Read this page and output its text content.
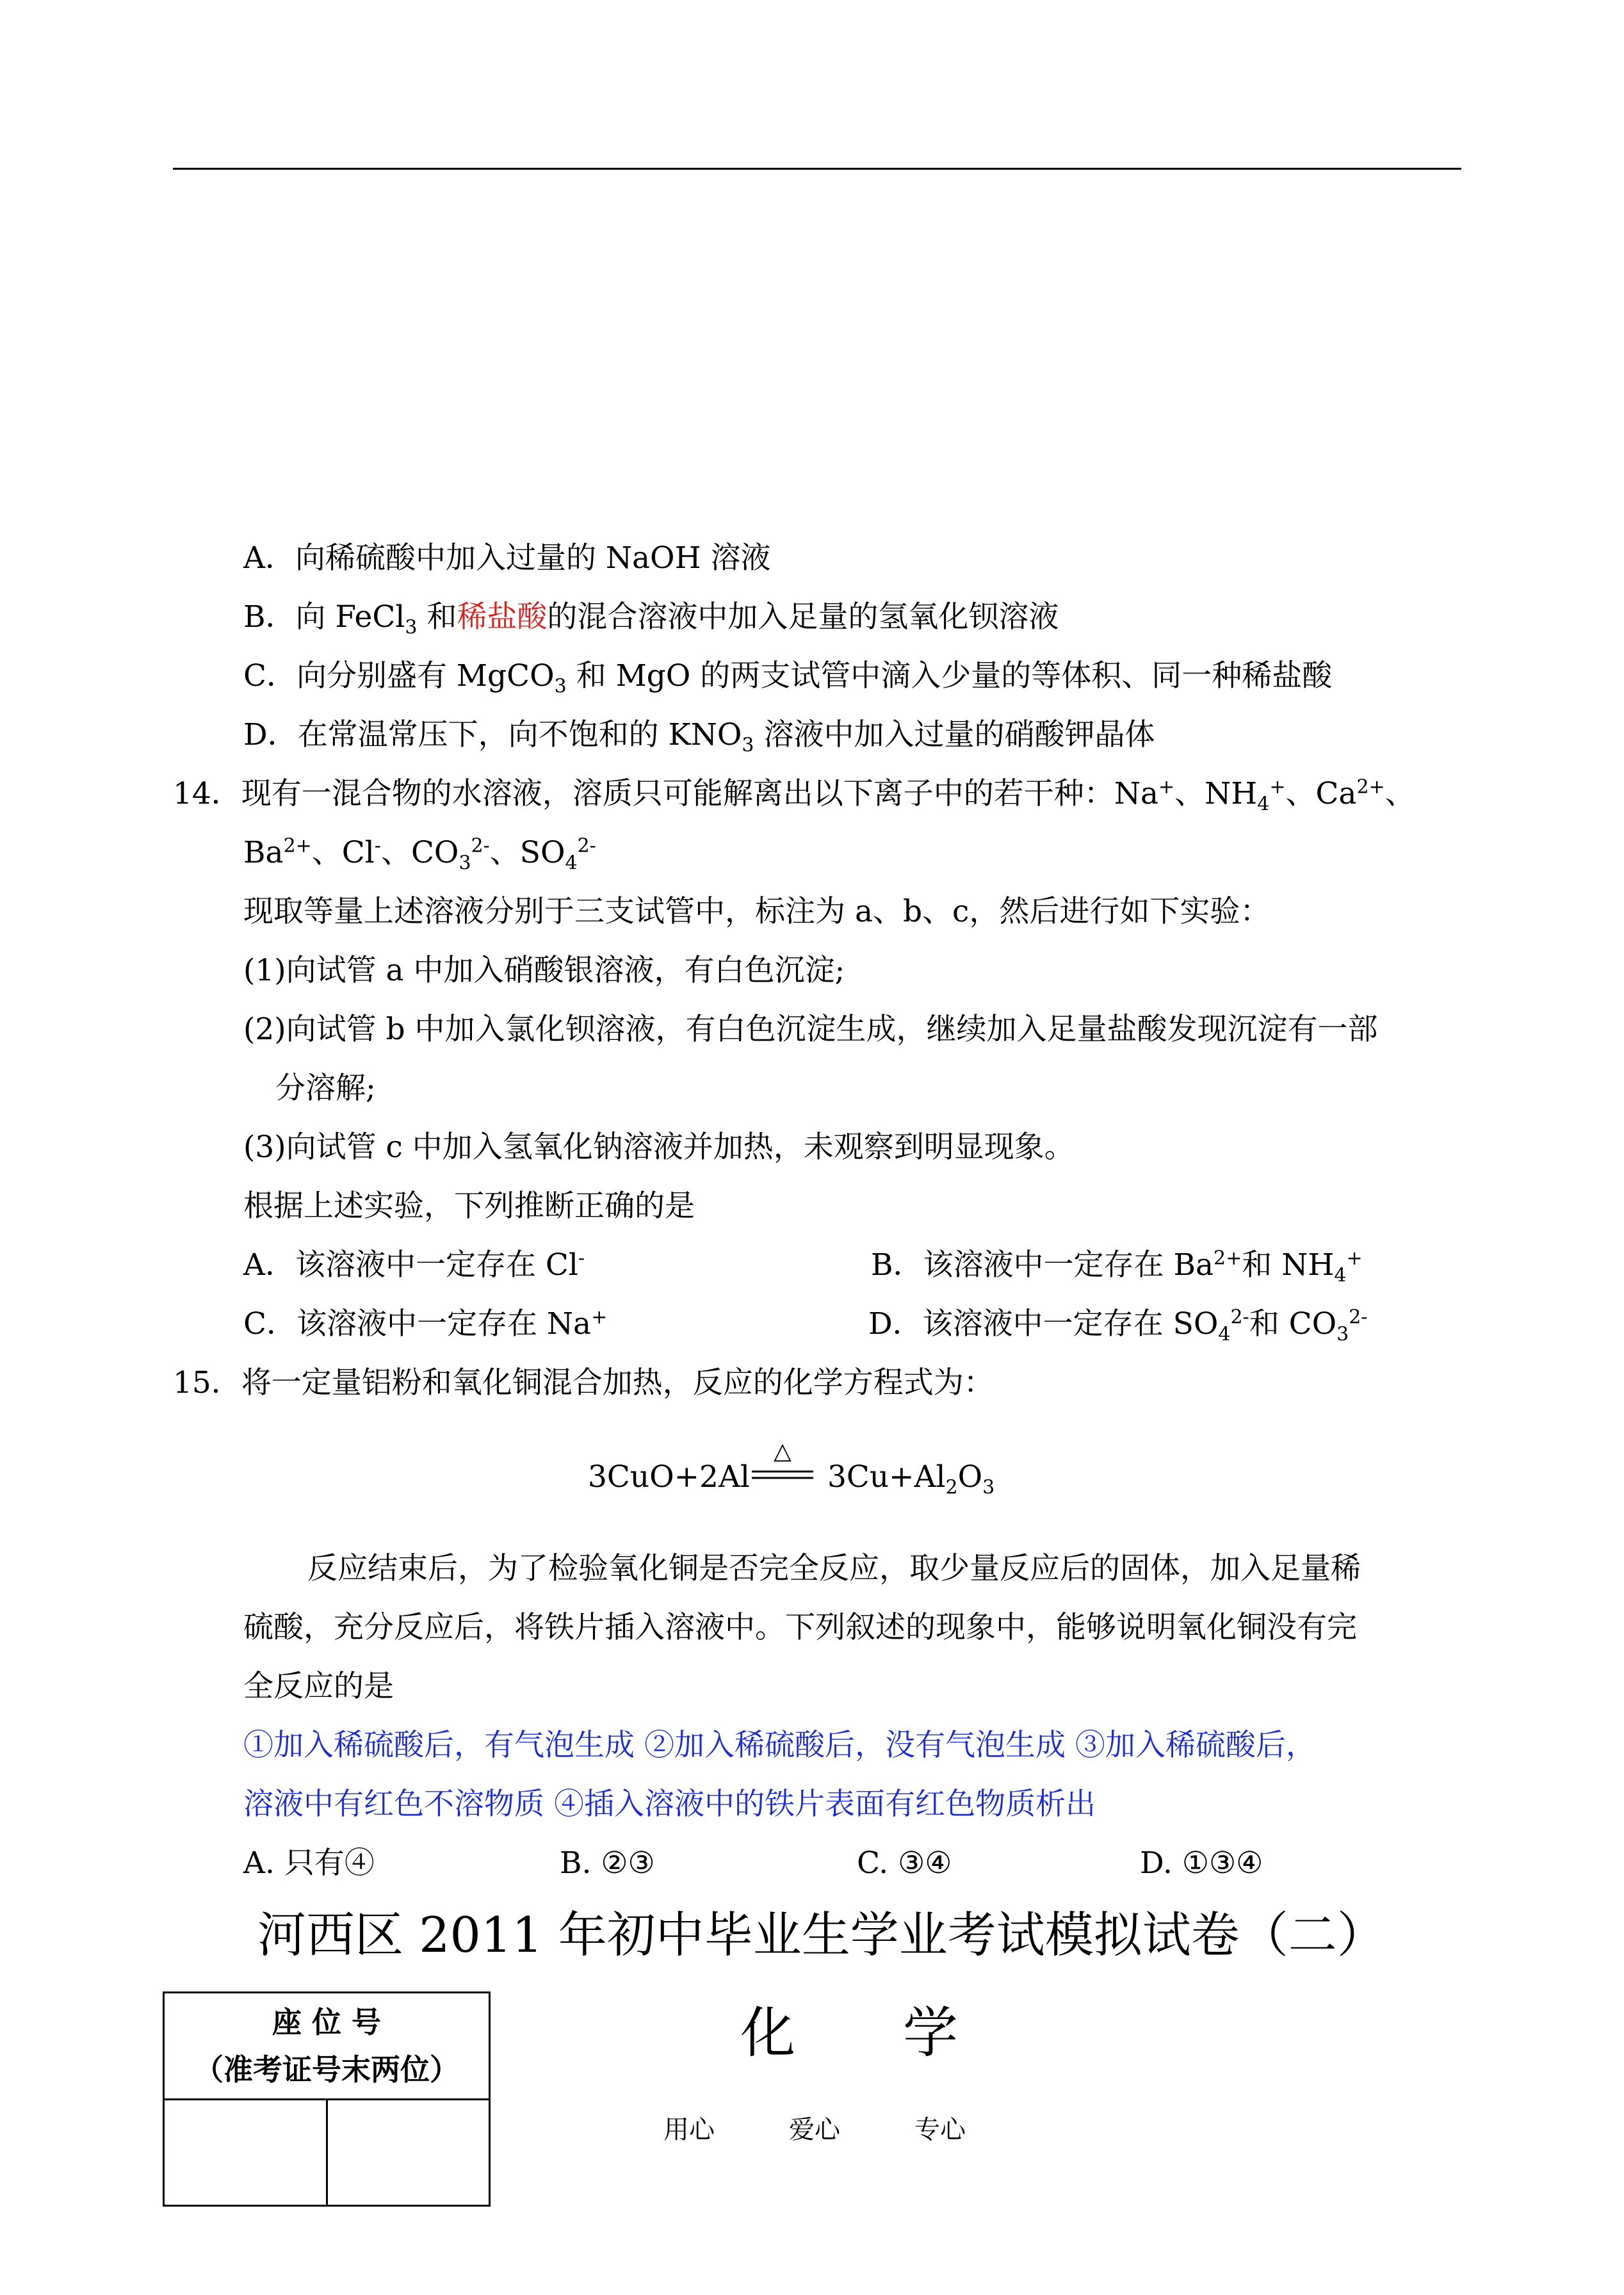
A．向稀硫酸中加入过量的 NaOH 溶液
B．向 FeCl$_3$ 和稀盐酸的混合溶液中加入足量的氢氧化钡溶液
C．向分别盛有 MgCO$_3$ 和 MgO 的两支试管中滴入少量的等体积、同一种稀盐酸
D．在常温常压下，向不饱和的 $KNO_3$ 溶液中加入过量的硝酸钾晶体
14．现有一混合物的水溶液，溶质只可能解离出以下离子中的若干种：Na+、$NH_4^+$、$Ca^{2+}$、
$Ba^{2+}$、Cl-、$CO_3^{2-}$、$SO_4^{2-}$
现取等量上述溶液分别于三支试管中，标注为 a、b、c，然后进行如下实验：
(1)向试管 a 中加入硝酸银溶液，有白色沉淀;
(2)向试管 b 中加入氯化钡溶液，有白色沉淀生成，继续加入足量盐酸发现沉淀有一部
分溶解;
(3)向试管 c 中加入氢氧化钠溶液并加热，未观察到明显现象。
根据上述实验，下列推断正确的是
A．该溶液中一定存在 Cl-	B．该溶液中一定存在 $Ba^{2+}$和 $NH_4^+$
C．该溶液中一定存在 Na+	D．该溶液中一定存在 $SO_4^{2-}$和 $CO_3^{2-}$
15．将一定量铝粉和氧化铜混合加热，反应的化学方程式为：
3CuO+2Al
△
$3Cu+Al_2O_3$
反应结束后，为了检验氧化铜是否完全反应，取少量反应后的固体，加入足量稀
硫酸，充分反应后，将铁片插入溶液中。下列叙述的现象中，能够说明氧化铜没有完
全反应的是
①加入稀硫酸后，有气泡生成 ②加入稀硫酸后，没有气泡生成 ③加入稀硫酸后，
溶液中有红色不溶物质 ④插入溶液中的铁片表面有红色物质析出
A. 只有④	B. ②③	C. ③④	D. ①③④
河西区 2011 年初中毕业生学业考试模拟试卷（二）
座 位 号
（准考证号末两位）

化 学
用心	爱心	专心
